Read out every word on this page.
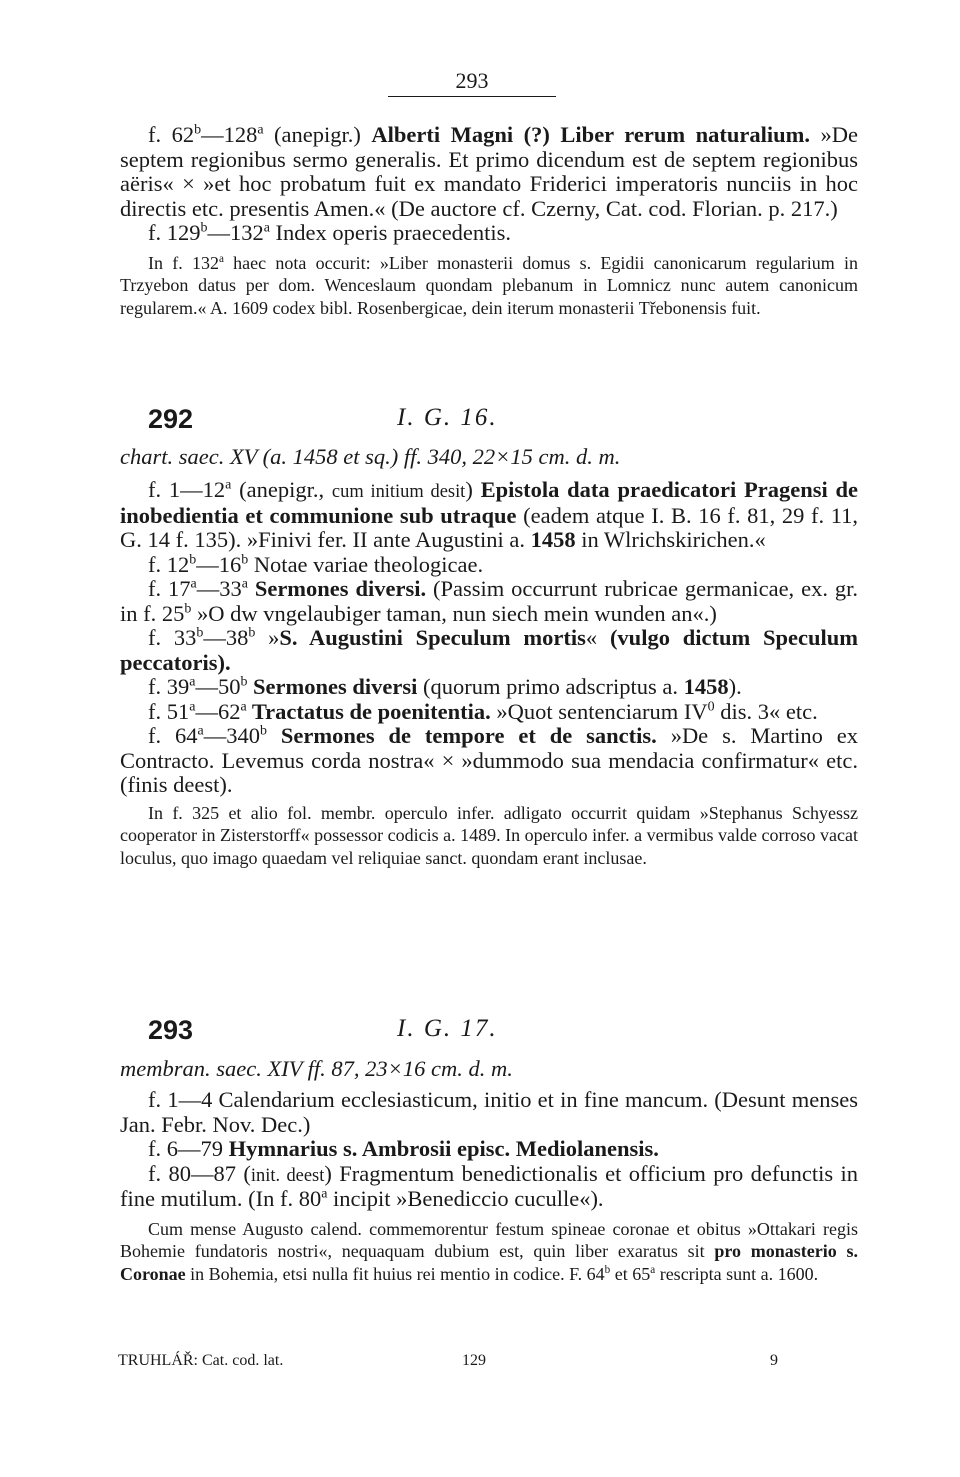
293

f. 62$^b$—128$^a$ (anepigr.) Alberti Magni (?) Liber rerum naturalium. »De septem regionibus sermo generalis. Et primo dicendum est de septem regionibus aëris« × »et hoc probatum fuit ex mandato Friderici imperatoris nunciis in hoc directis etc. presentis Amen.« (De auctore cf. Czerny, Cat. cod. Florian. p. 217.)

f. 129$^b$—132$^a$ Index operis praecedentis.

In f. 132$^a$ haec nota occurit: »Liber monasterii domus s. Egidii canonicarum regularium in Trzyebon datus per dom. Wenceslaum quondam plebanum in Lomnicz nunc autem canonicum regularem.« A. 1609 codex bibl. Rosenbergicae, dein iterum monasterii Třebonensis fuit.

292	I. G. 16.
chart. saec. XV (a. 1458 et sq.) ff. 340, 22×15 cm. d. m.

f. 1—12$^a$ (anepigr., cum initium desit) Epistola data praedicatori Pragensi de inobedientia et communione sub utraque (eadem atque I. B. 16 f. 81, 29 f. 11, G. 14 f. 135). »Finivi fer. II ante Augustini a. 1458 in Wlrichskirichen.«

f. 12$^b$—16$^b$ Notae variae theologicae.

f. 17$^a$—33$^a$ Sermones diversi. (Passim occurrunt rubricae germanicae, ex. gr. in f. 25$^b$ »O dw vngelaubiger taman, nun siech mein wunden an«.)

f. 33$^b$—38$^b$ »S. Augustini Speculum mortis« (vulgo dictum Speculum peccatoris).

f. 39$^a$—50$^b$ Sermones diversi (quorum primo adscriptus a. 1458).

f. 51$^a$—62$^a$ Tractatus de poenitentia. »Quot sentenciarum $IV^0$ dis. 3« etc.

f. 64$^a$—340$^b$ Sermones de tempore et de sanctis. »De s. Martino ex Contracto. Levemus corda nostra« × »dummodo sua mendacia confirmatur« etc. (finis deest).

In f. 325 et alio fol. membr. operculo infer. adligato occurrit quidam »Stephanus Schyessz cooperator in Zisterstorff« possessor codicis a. 1489. In operculo infer. a vermibus valde corroso vacat loculus, quo imago quaedam vel reliquiae sanct. quondam erant inclusae.

293	I. G. 17.
membran. saec. XIV ff. 87, 23×16 cm. d. m.

f. 1—4 Calendarium ecclesiasticum, initio et in fine mancum. (Desunt menses Jan. Febr. Nov. Dec.)

f. 6—79 Hymnarius s. Ambrosii episc. Mediolanensis.

f. 80—87 (init. deest) Fragmentum benedictionalis et officium pro defunctis in fine mutilum. (In f. 80$^a$ incipit »Benediccio cuculle«).

Cum mense Augusto calend. commemorentur festum spineae coronae et obitus »Ottakari regis Bohemie fundatoris nostri«, nequaquam dubium est, quin liber exaratus sit pro monasterio s. Coronae in Bohemia, etsi nulla fit huius rei mentio in codice. F. 64$^b$ et 65$^a$ rescripta sunt a. 1600.

TRUHLÁŘ: Cat. cod. lat.	129	9
